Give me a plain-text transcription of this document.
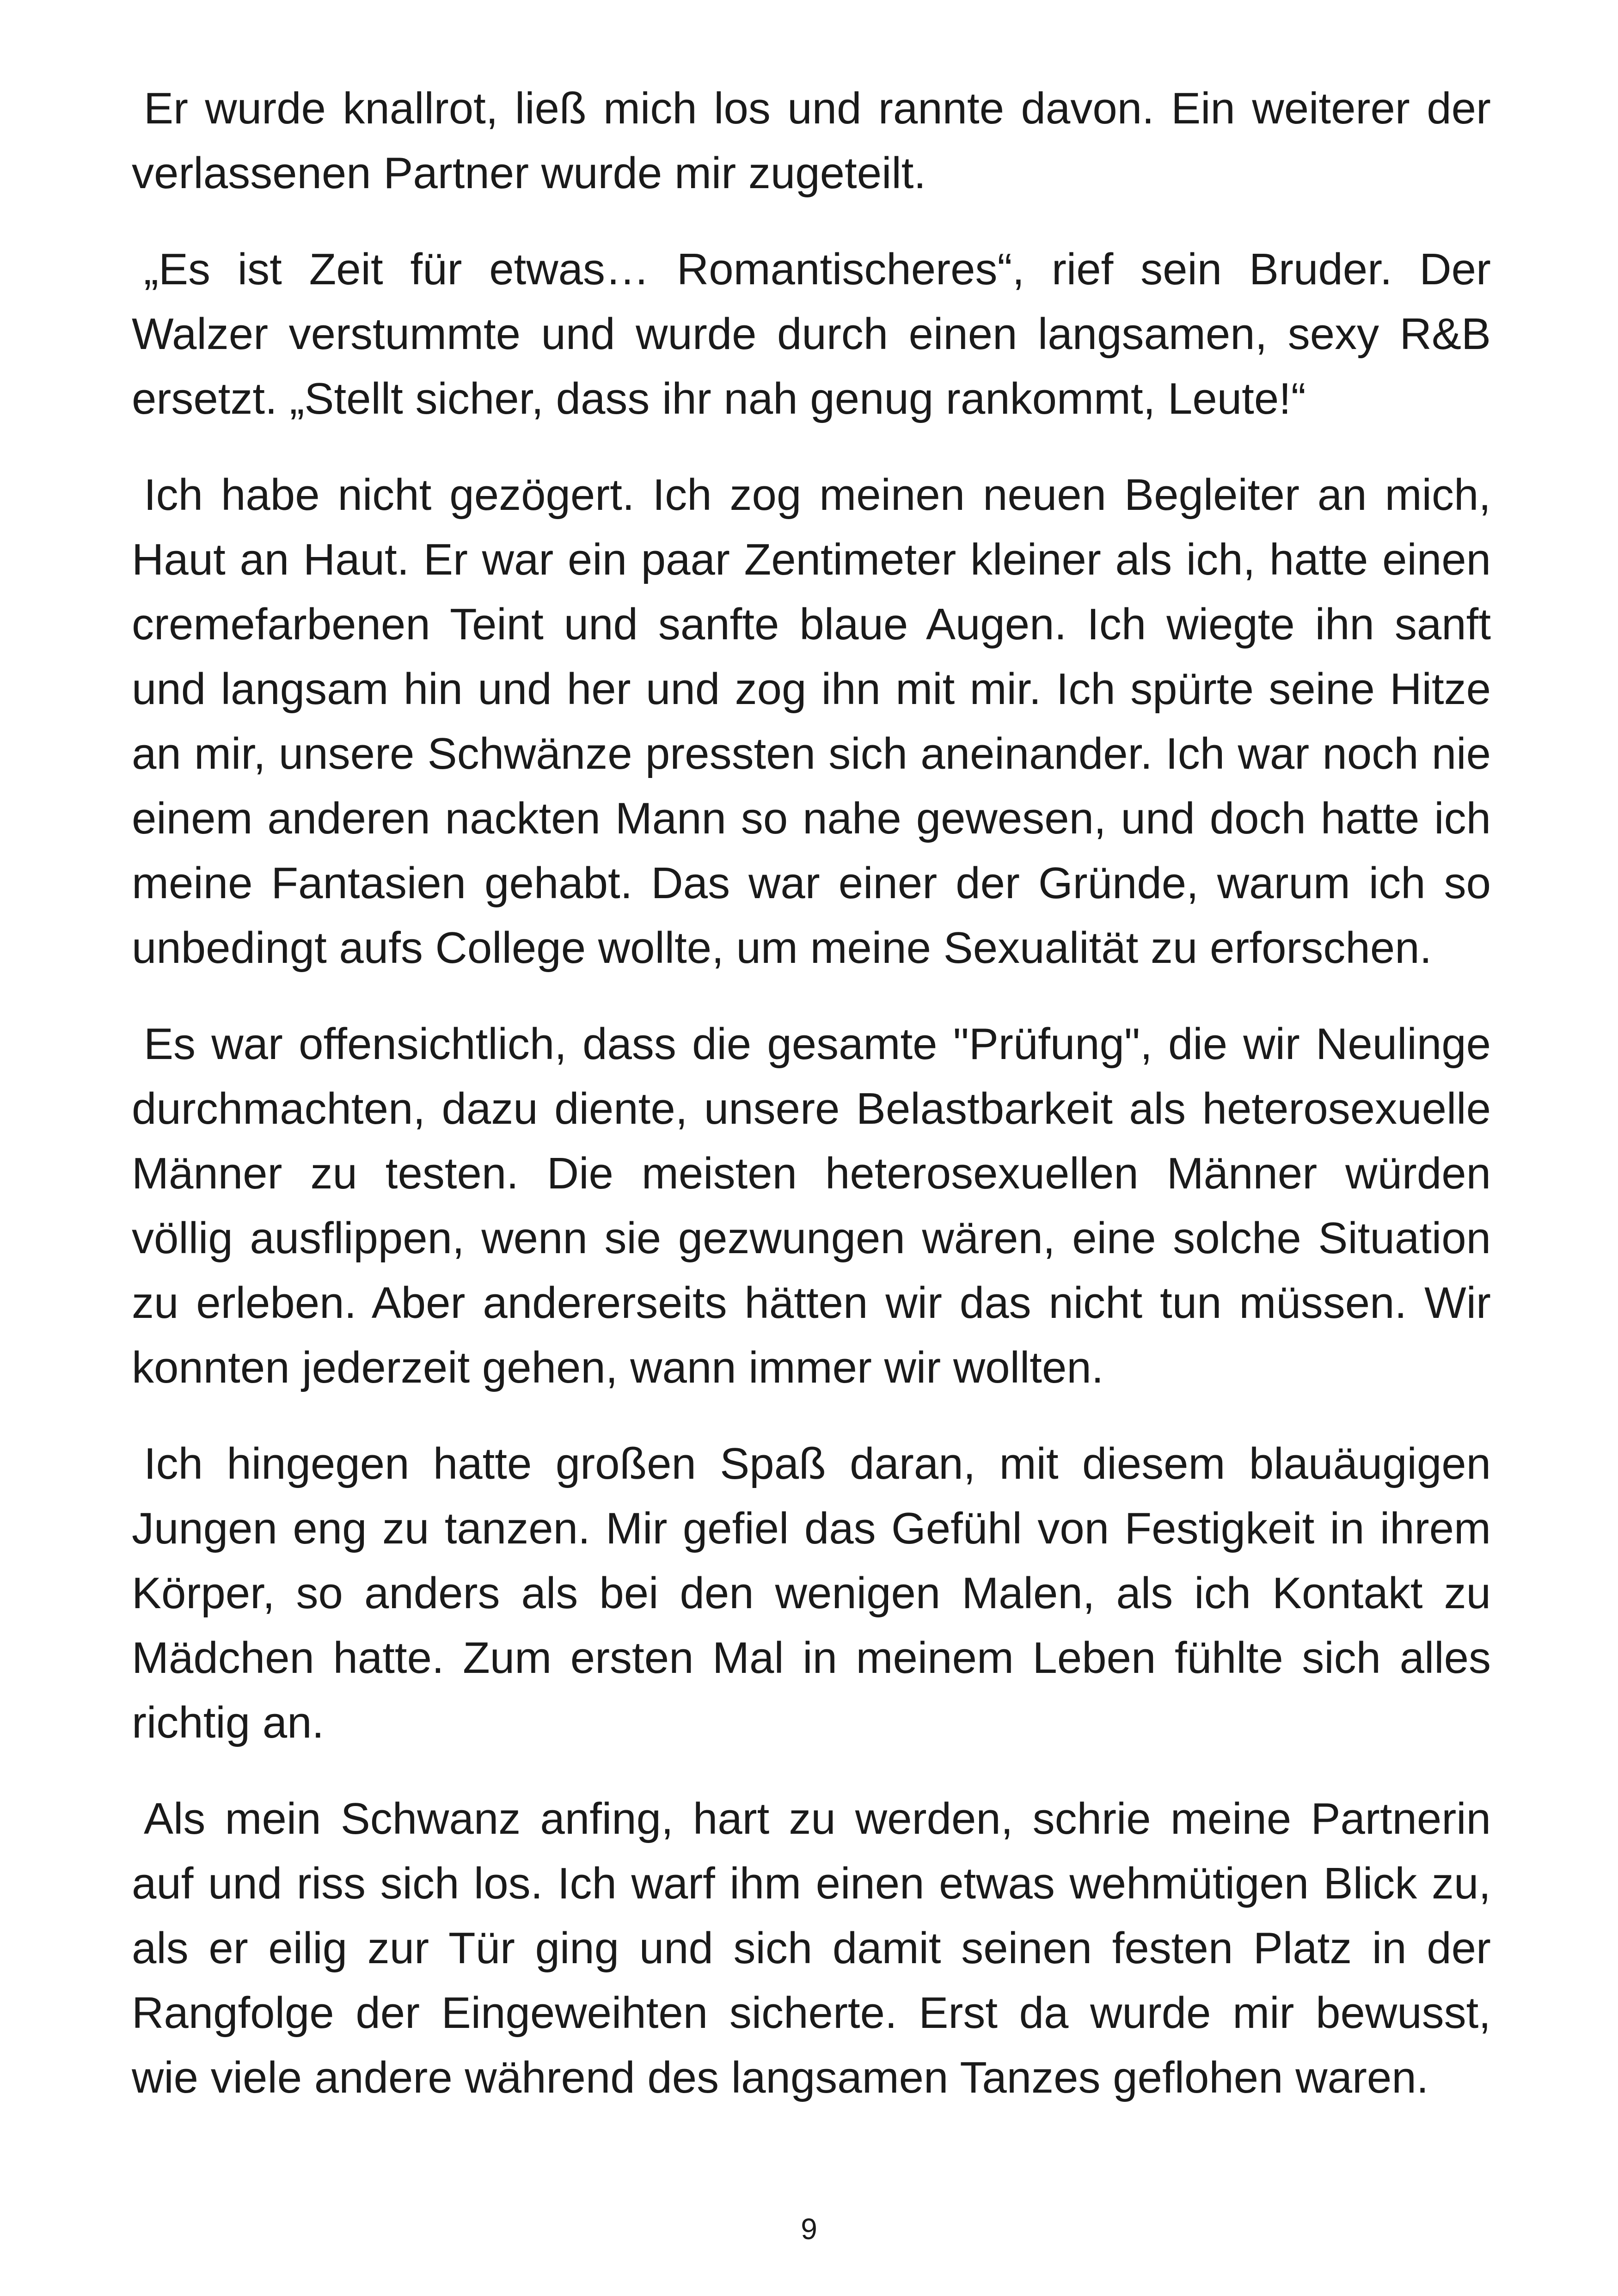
Er wurde knallrot, ließ mich los und rannte davon. Ein weiterer der verlassenen Partner wurde mir zugeteilt.

„Es ist Zeit für etwas… Romantischeres“, rief sein Bruder. Der Walzer verstummte und wurde durch einen langsamen, sexy R&B ersetzt. „Stellt sicher, dass ihr nah genug rankommt, Leute!“

Ich habe nicht gezögert. Ich zog meinen neuen Begleiter an mich, Haut an Haut. Er war ein paar Zentimeter kleiner als ich, hatte einen cremefarbenen Teint und sanfte blaue Augen. Ich wiegte ihn sanft und langsam hin und her und zog ihn mit mir. Ich spürte seine Hitze an mir, unsere Schwänze pressten sich aneinander. Ich war noch nie einem anderen nackten Mann so nahe gewesen, und doch hatte ich meine Fantasien gehabt. Das war einer der Gründe, warum ich so unbedingt aufs College wollte, um meine Sexualität zu erforschen.

Es war offensichtlich, dass die gesamte "Prüfung", die wir Neulinge durchmachten, dazu diente, unsere Belastbarkeit als heterosexuelle Männer zu testen. Die meisten heterosexuellen Männer würden völlig ausflippen, wenn sie gezwungen wären, eine solche Situation zu erleben. Aber andererseits hätten wir das nicht tun müssen. Wir konnten jederzeit gehen, wann immer wir wollten.

Ich hingegen hatte großen Spaß daran, mit diesem blauäugigen Jungen eng zu tanzen. Mir gefiel das Gefühl von Festigkeit in ihrem Körper, so anders als bei den wenigen Malen, als ich Kontakt zu Mädchen hatte. Zum ersten Mal in meinem Leben fühlte sich alles richtig an.

Als mein Schwanz anfing, hart zu werden, schrie meine Partnerin auf und riss sich los. Ich warf ihm einen etwas wehmütigen Blick zu, als er eilig zur Tür ging und sich damit seinen festen Platz in der Rangfolge der Eingeweihten sicherte. Erst da wurde mir bewusst, wie viele andere während des langsamen Tanzes geflohen waren.

9
